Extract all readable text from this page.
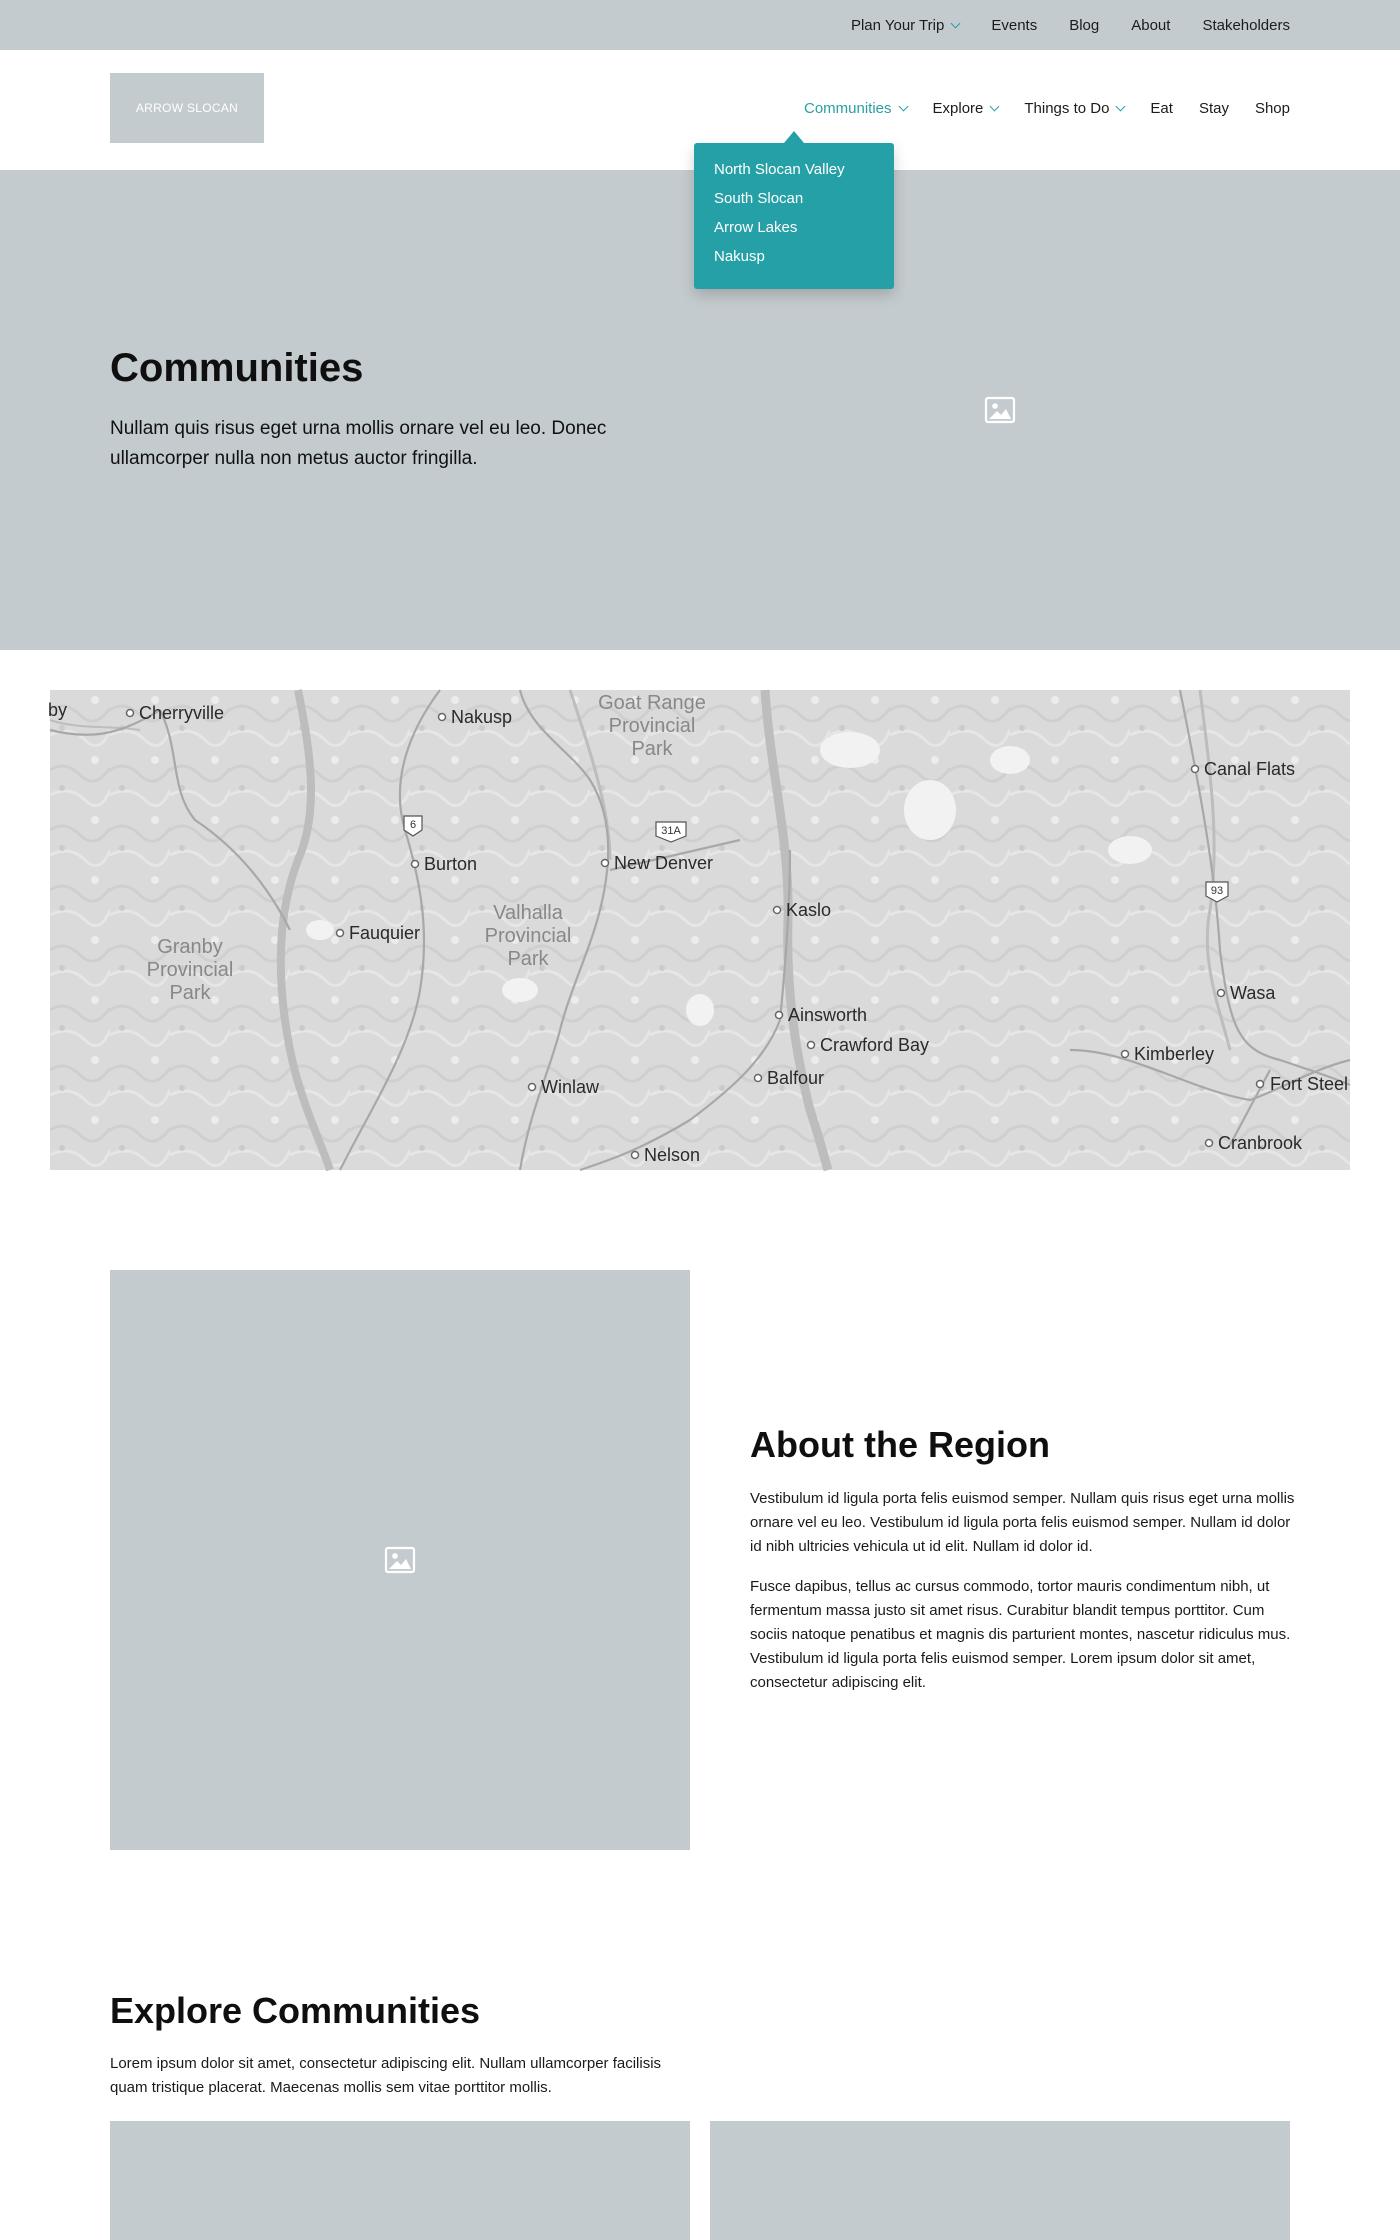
Plan Your Trip	Events Blog About Stakeholders
ARROW SLOCAN	Communities	Explore	Things to Do	Eat Stay Shop
North Slocan Valley
South Slocan
Arrow Lakes
Nakusp
Communities

Nullam quis risus eget urna mollis ornare vel eu leo. Donec ullamcorper nulla non metus auctor fringilla.

6	31A
93
Goat Range
Provincial
Park
Valhalla
Provincial
Park
Granby
Provincial
Park
by	Cherryville	Nakusp
Burton
Fauquier
New Denver
Kaslo
Ainsworth
Crawford Bay
Balfour
Winlaw
Nelson
Canal Flats
Wasa
Kimberley
Fort Steel
Cranbrook
About the Region

Vestibulum id ligula porta felis euismod semper. Nullam quis risus eget urna mollis ornare vel eu leo. Vestibulum id ligula porta felis euismod semper. Nullam id dolor id nibh ultricies vehicula ut id elit. Nullam id dolor id.

Fusce dapibus, tellus ac cursus commodo, tortor mauris condimentum nibh, ut fermentum massa justo sit amet risus. Curabitur blandit tempus porttitor. Cum sociis natoque penatibus et magnis dis parturient montes, nascetur ridiculus mus. Vestibulum id ligula porta felis euismod semper. Lorem ipsum dolor sit amet, consectetur adipiscing elit.

Explore Communities

Lorem ipsum dolor sit amet, consectetur adipiscing elit. Nullam ullamcorper facilisis quam tristique placerat. Maecenas mollis sem vitae porttitor mollis.
